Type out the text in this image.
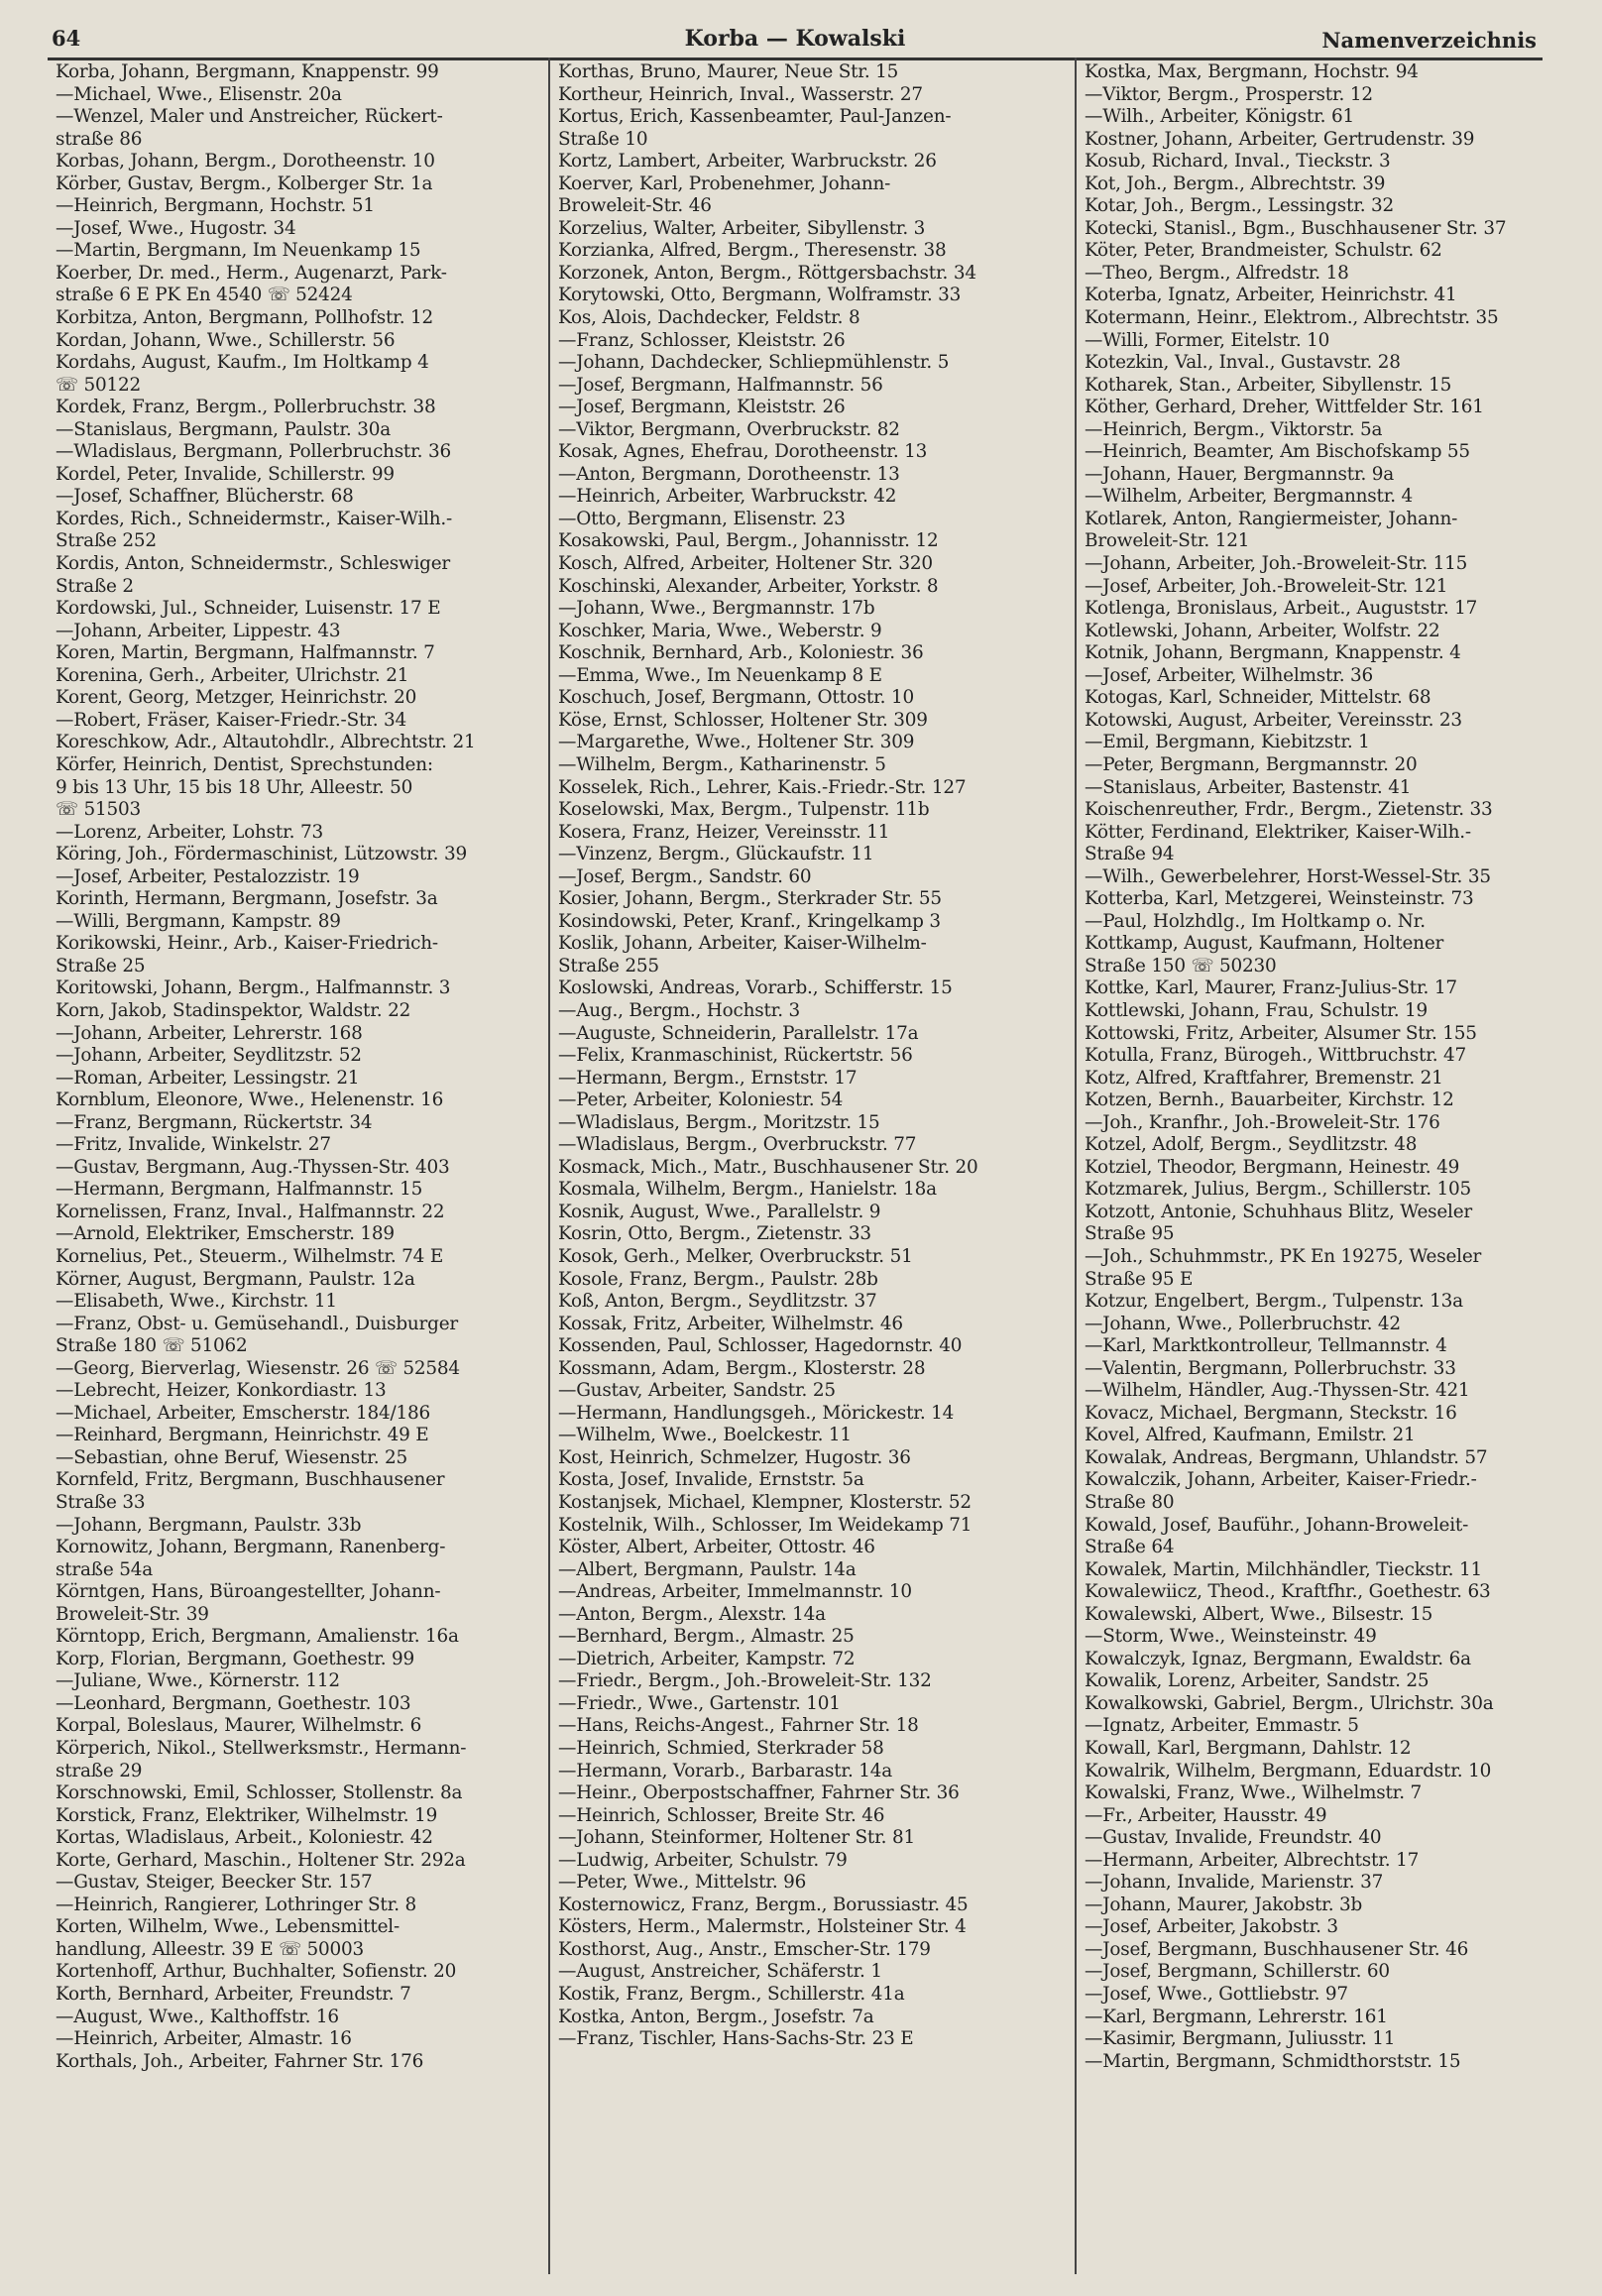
64	Korba — Kowalski	Namenverzeichnis
Korba, Johann, Bergmann, Knappenstr. 99
—Michael, Wwe., Elisenstr. 20a
—Wenzel, Maler und Anstreicher, Rückert-
straße 86
Korbas, Johann, Bergm., Dorotheenstr. 10
Körber, Gustav, Bergm., Kolberger Str. 1a
—Heinrich, Bergmann, Hochstr. 51
—Josef, Wwe., Hugostr. 34
—Martin, Bergmann, Im Neuenkamp 15
Koerber, Dr. med., Herm., Augenarzt, Park-
straße 6 E PK En 4540 ☏ 52424
Korbitza, Anton, Bergmann, Pollhofstr. 12
Kordan, Johann, Wwe., Schillerstr. 56
Kordahs, August, Kaufm., Im Holtkamp 4
☏ 50122
Kordek, Franz, Bergm., Pollerbruchstr. 38
—Stanislaus, Bergmann, Paulstr. 30a
—Wladislaus, Bergmann, Pollerbruchstr. 36
Kordel, Peter, Invalide, Schillerstr. 99
—Josef, Schaffner, Blücherstr. 68
Kordes, Rich., Schneidermstr., Kaiser-Wilh.-
Straße 252
Kordis, Anton, Schneidermstr., Schleswiger
Straße 2
Kordowski, Jul., Schneider, Luisenstr. 17 E
—Johann, Arbeiter, Lippestr. 43
Koren, Martin, Bergmann, Halfmannstr. 7
Korenina, Gerh., Arbeiter, Ulrichstr. 21
Korent, Georg, Metzger, Heinrichstr. 20
—Robert, Fräser, Kaiser-Friedr.-Str. 34
Koreschkow, Adr., Altautohdlr., Albrechtstr. 21
Körfer, Heinrich, Dentist, Sprechstunden:
9 bis 13 Uhr, 15 bis 18 Uhr, Alleestr. 50
☏ 51503
—Lorenz, Arbeiter, Lohstr. 73
Köring, Joh., Fördermaschinist, Lützowstr. 39
—Josef, Arbeiter, Pestalozzistr. 19
Korinth, Hermann, Bergmann, Josefstr. 3a
—Willi, Bergmann, Kampstr. 89
Korikowski, Heinr., Arb., Kaiser-Friedrich-
Straße 25
Koritowski, Johann, Bergm., Halfmannstr. 3
Korn, Jakob, Stadinspektor, Waldstr. 22
—Johann, Arbeiter, Lehrerstr. 168
—Johann, Arbeiter, Seydlitzstr. 52
—Roman, Arbeiter, Lessingstr. 21
Kornblum, Eleonore, Wwe., Helenenstr. 16
—Franz, Bergmann, Rückertstr. 34
—Fritz, Invalide, Winkelstr. 27
—Gustav, Bergmann, Aug.-Thyssen-Str. 403
—Hermann, Bergmann, Halfmannstr. 15
Kornelissen, Franz, Inval., Halfmannstr. 22
—Arnold, Elektriker, Emscherstr. 189
Kornelius, Pet., Steuerm., Wilhelmstr. 74 E
Körner, August, Bergmann, Paulstr. 12a
—Elisabeth, Wwe., Kirchstr. 11
—Franz, Obst- u. Gemüsehandl., Duisburger
Straße 180 ☏ 51062
—Georg, Bierverlag, Wiesenstr. 26 ☏ 52584
—Lebrecht, Heizer, Konkordiastr. 13
—Michael, Arbeiter, Emscherstr. 184/186
—Reinhard, Bergmann, Heinrichstr. 49 E
—Sebastian, ohne Beruf, Wiesenstr. 25
Kornfeld, Fritz, Bergmann, Buschhausener
Straße 33
—Johann, Bergmann, Paulstr. 33b
Kornowitz, Johann, Bergmann, Ranenberg-
straße 54a
Körntgen, Hans, Büroangestellter, Johann-
Broweleit-Str. 39
Körntopp, Erich, Bergmann, Amalienstr. 16a
Korp, Florian, Bergmann, Goethestr. 99
—Juliane, Wwe., Körnerstr. 112
—Leonhard, Bergmann, Goethestr. 103
Korpal, Boleslaus, Maurer, Wilhelmstr. 6
Körperich, Nikol., Stellwerksmstr., Hermann-
straße 29
Korschnowski, Emil, Schlosser, Stollenstr. 8a
Korstick, Franz, Elektriker, Wilhelmstr. 19
Kortas, Wladislaus, Arbeit., Koloniestr. 42
Korte, Gerhard, Maschin., Holtener Str. 292a
—Gustav, Steiger, Beecker Str. 157
—Heinrich, Rangierer, Lothringer Str. 8
Korten, Wilhelm, Wwe., Lebensmittel-
handlung, Alleestr. 39 E ☏ 50003
Kortenhoff, Arthur, Buchhalter, Sofienstr. 20
Korth, Bernhard, Arbeiter, Freundstr. 7
—August, Wwe., Kalthoffstr. 16
—Heinrich, Arbeiter, Almastr. 16
Korthals, Joh., Arbeiter, Fahrner Str. 176
Korthas, Bruno, Maurer, Neue Str. 15
Kortheur, Heinrich, Inval., Wasserstr. 27
Kortus, Erich, Kassenbeamter, Paul-Janzen-
Straße 10
Kortz, Lambert, Arbeiter, Warbruckstr. 26
Koerver, Karl, Probenehmer, Johann-
Broweleit-Str. 46
Korzelius, Walter, Arbeiter, Sibyllenstr. 3
Korzianka, Alfred, Bergm., Theresenstr. 38
Korzonek, Anton, Bergm., Röttgersbachstr. 34
Korytowski, Otto, Bergmann, Wolframstr. 33
Kos, Alois, Dachdecker, Feldstr. 8
—Franz, Schlosser, Kleiststr. 26
—Johann, Dachdecker, Schliepmühlenstr. 5
—Josef, Bergmann, Halfmannstr. 56
—Josef, Bergmann, Kleiststr. 26
—Viktor, Bergmann, Overbruckstr. 82
Kosak, Agnes, Ehefrau, Dorotheenstr. 13
—Anton, Bergmann, Dorotheenstr. 13
—Heinrich, Arbeiter, Warbruckstr. 42
—Otto, Bergmann, Elisenstr. 23
Kosakowski, Paul, Bergm., Johannisstr. 12
Kosch, Alfred, Arbeiter, Holtener Str. 320
Koschinski, Alexander, Arbeiter, Yorkstr. 8
—Johann, Wwe., Bergmannstr. 17b
Koschker, Maria, Wwe., Weberstr. 9
Koschnik, Bernhard, Arb., Koloniestr. 36
—Emma, Wwe., Im Neuenkamp 8 E
Koschuch, Josef, Bergmann, Ottostr. 10
Köse, Ernst, Schlosser, Holtener Str. 309
—Margarethe, Wwe., Holtener Str. 309
—Wilhelm, Bergm., Katharinenstr. 5
Kosselek, Rich., Lehrer, Kais.-Friedr.-Str. 127
Koselowski, Max, Bergm., Tulpenstr. 11b
Kosera, Franz, Heizer, Vereinsstr. 11
—Vinzenz, Bergm., Glückaufstr. 11
—Josef, Bergm., Sandstr. 60
Kosier, Johann, Bergm., Sterkrader Str. 55
Kosindowski, Peter, Kranf., Kringelkamp 3
Koslik, Johann, Arbeiter, Kaiser-Wilhelm-
Straße 255
Koslowski, Andreas, Vorarb., Schifferstr. 15
—Aug., Bergm., Hochstr. 3
—Auguste, Schneiderin, Parallelstr. 17a
—Felix, Kranmaschinist, Rückertstr. 56
—Hermann, Bergm., Ernststr. 17
—Peter, Arbeiter, Koloniestr. 54
—Wladislaus, Bergm., Moritzstr. 15
—Wladislaus, Bergm., Overbruckstr. 77
Kosmack, Mich., Matr., Buschhausener Str. 20
Kosmala, Wilhelm, Bergm., Hanielstr. 18a
Kosnik, August, Wwe., Parallelstr. 9
Kosrin, Otto, Bergm., Zietenstr. 33
Kosok, Gerh., Melker, Overbruckstr. 51
Kosole, Franz, Bergm., Paulstr. 28b
Koß, Anton, Bergm., Seydlitzstr. 37
Kossak, Fritz, Arbeiter, Wilhelmstr. 46
Kossenden, Paul, Schlosser, Hagedornstr. 40
Kossmann, Adam, Bergm., Klosterstr. 28
—Gustav, Arbeiter, Sandstr. 25
—Hermann, Handlungsgeh., Mörickestr. 14
—Wilhelm, Wwe., Boelckestr. 11
Kost, Heinrich, Schmelzer, Hugostr. 36
Kosta, Josef, Invalide, Ernststr. 5a
Kostanjsek, Michael, Klempner, Klosterstr. 52
Kostelnik, Wilh., Schlosser, Im Weidekamp 71
Köster, Albert, Arbeiter, Ottostr. 46
—Albert, Bergmann, Paulstr. 14a
—Andreas, Arbeiter, Immelmannstr. 10
—Anton, Bergm., Alexstr. 14a
—Bernhard, Bergm., Almastr. 25
—Dietrich, Arbeiter, Kampstr. 72
—Friedr., Bergm., Joh.-Broweleit-Str. 132
—Friedr., Wwe., Gartenstr. 101
—Hans, Reichs-Angest., Fahrner Str. 18
—Heinrich, Schmied, Sterkrader 58
—Hermann, Vorarb., Barbarastr. 14a
—Heinr., Oberpostschaffner, Fahrner Str. 36
—Heinrich, Schlosser, Breite Str. 46
—Johann, Steinformer, Holtener Str. 81
—Ludwig, Arbeiter, Schulstr. 79
—Peter, Wwe., Mittelstr. 96
Kosternowicz, Franz, Bergm., Borussiastr. 45
Kösters, Herm., Malermstr., Holsteiner Str. 4
Kosthorst, Aug., Anstr., Emscher-Str. 179
—August, Anstreicher, Schäferstr. 1
Kostik, Franz, Bergm., Schillerstr. 41a
Kostka, Anton, Bergm., Josefstr. 7a
—Franz, Tischler, Hans-Sachs-Str. 23 E
Kostka, Max, Bergmann, Hochstr. 94
—Viktor, Bergm., Prosperstr. 12
—Wilh., Arbeiter, Königstr. 61
Kostner, Johann, Arbeiter, Gertrudenstr. 39
Kosub, Richard, Inval., Tieckstr. 3
Kot, Joh., Bergm., Albrechtstr. 39
Kotar, Joh., Bergm., Lessingstr. 32
Kotecki, Stanisl., Bgm., Buschhausener Str. 37
Köter, Peter, Brandmeister, Schulstr. 62
—Theo, Bergm., Alfredstr. 18
Koterba, Ignatz, Arbeiter, Heinrichstr. 41
Kotermann, Heinr., Elektrom., Albrechtstr. 35
—Willi, Former, Eitelstr. 10
Kotezkin, Val., Inval., Gustavstr. 28
Kotharek, Stan., Arbeiter, Sibyllenstr. 15
Köther, Gerhard, Dreher, Wittfelder Str. 161
—Heinrich, Bergm., Viktorstr. 5a
—Heinrich, Beamter, Am Bischofskamp 55
—Johann, Hauer, Bergmannstr. 9a
—Wilhelm, Arbeiter, Bergmannstr. 4
Kotlarek, Anton, Rangiermeister, Johann-
Broweleit-Str. 121
—Johann, Arbeiter, Joh.-Broweleit-Str. 115
—Josef, Arbeiter, Joh.-Broweleit-Str. 121
Kotlenga, Bronislaus, Arbeit., Auguststr. 17
Kotlewski, Johann, Arbeiter, Wolfstr. 22
Kotnik, Johann, Bergmann, Knappenstr. 4
—Josef, Arbeiter, Wilhelmstr. 36
Kotogas, Karl, Schneider, Mittelstr. 68
Kotowski, August, Arbeiter, Vereinsstr. 23
—Emil, Bergmann, Kiebitzstr. 1
—Peter, Bergmann, Bergmannstr. 20
—Stanislaus, Arbeiter, Bastenstr. 41
Koischenreuther, Frdr., Bergm., Zietenstr. 33
Kötter, Ferdinand, Elektriker, Kaiser-Wilh.-
Straße 94
—Wilh., Gewerbelehrer, Horst-Wessel-Str. 35
Kotterba, Karl, Metzgerei, Weinsteinstr. 73
—Paul, Holzhdlg., Im Holtkamp o. Nr.
Kottkamp, August, Kaufmann, Holtener
Straße 150 ☏ 50230
Kottke, Karl, Maurer, Franz-Julius-Str. 17
Kottlewski, Johann, Frau, Schulstr. 19
Kottowski, Fritz, Arbeiter, Alsumer Str. 155
Kotulla, Franz, Bürogeh., Wittbruchstr. 47
Kotz, Alfred, Kraftfahrer, Bremenstr. 21
Kotzen, Bernh., Bauarbeiter, Kirchstr. 12
—Joh., Kranfhr., Joh.-Broweleit-Str. 176
Kotzel, Adolf, Bergm., Seydlitzstr. 48
Kotziel, Theodor, Bergmann, Heinestr. 49
Kotzmarek, Julius, Bergm., Schillerstr. 105
Kotzott, Antonie, Schuhhaus Blitz, Weseler
Straße 95
—Joh., Schuhmmstr., PK En 19275, Weseler
Straße 95 E
Kotzur, Engelbert, Bergm., Tulpenstr. 13a
—Johann, Wwe., Pollerbruchstr. 42
—Karl, Marktkontrolleur, Tellmannstr. 4
—Valentin, Bergmann, Pollerbruchstr. 33
—Wilhelm, Händler, Aug.-Thyssen-Str. 421
Kovacz, Michael, Bergmann, Steckstr. 16
Kovel, Alfred, Kaufmann, Emilstr. 21
Kowalak, Andreas, Bergmann, Uhlandstr. 57
Kowalczik, Johann, Arbeiter, Kaiser-Friedr.-
Straße 80
Kowald, Josef, Bauführ., Johann-Broweleit-
Straße 64
Kowalek, Martin, Milchhändler, Tieckstr. 11
Kowalewiicz, Theod., Kraftfhr., Goethestr. 63
Kowalewski, Albert, Wwe., Bilsestr. 15
—Storm, Wwe., Weinsteinstr. 49
Kowalczyk, Ignaz, Bergmann, Ewaldstr. 6a
Kowalik, Lorenz, Arbeiter, Sandstr. 25
Kowalkowski, Gabriel, Bergm., Ulrichstr. 30a
—Ignatz, Arbeiter, Emmastr. 5
Kowall, Karl, Bergmann, Dahlstr. 12
Kowalrik, Wilhelm, Bergmann, Eduardstr. 10
Kowalski, Franz, Wwe., Wilhelmstr. 7
—Fr., Arbeiter, Hausstr. 49
—Gustav, Invalide, Freundstr. 40
—Hermann, Arbeiter, Albrechtstr. 17
—Johann, Invalide, Marienstr. 37
—Johann, Maurer, Jakobstr. 3b
—Josef, Arbeiter, Jakobstr. 3
—Josef, Bergmann, Buschhausener Str. 46
—Josef, Bergmann, Schillerstr. 60
—Josef, Wwe., Gottliebstr. 97
—Karl, Bergmann, Lehrerstr. 161
—Kasimir, Bergmann, Juliusstr. 11
—Martin, Bergmann, Schmidthorststr. 15
